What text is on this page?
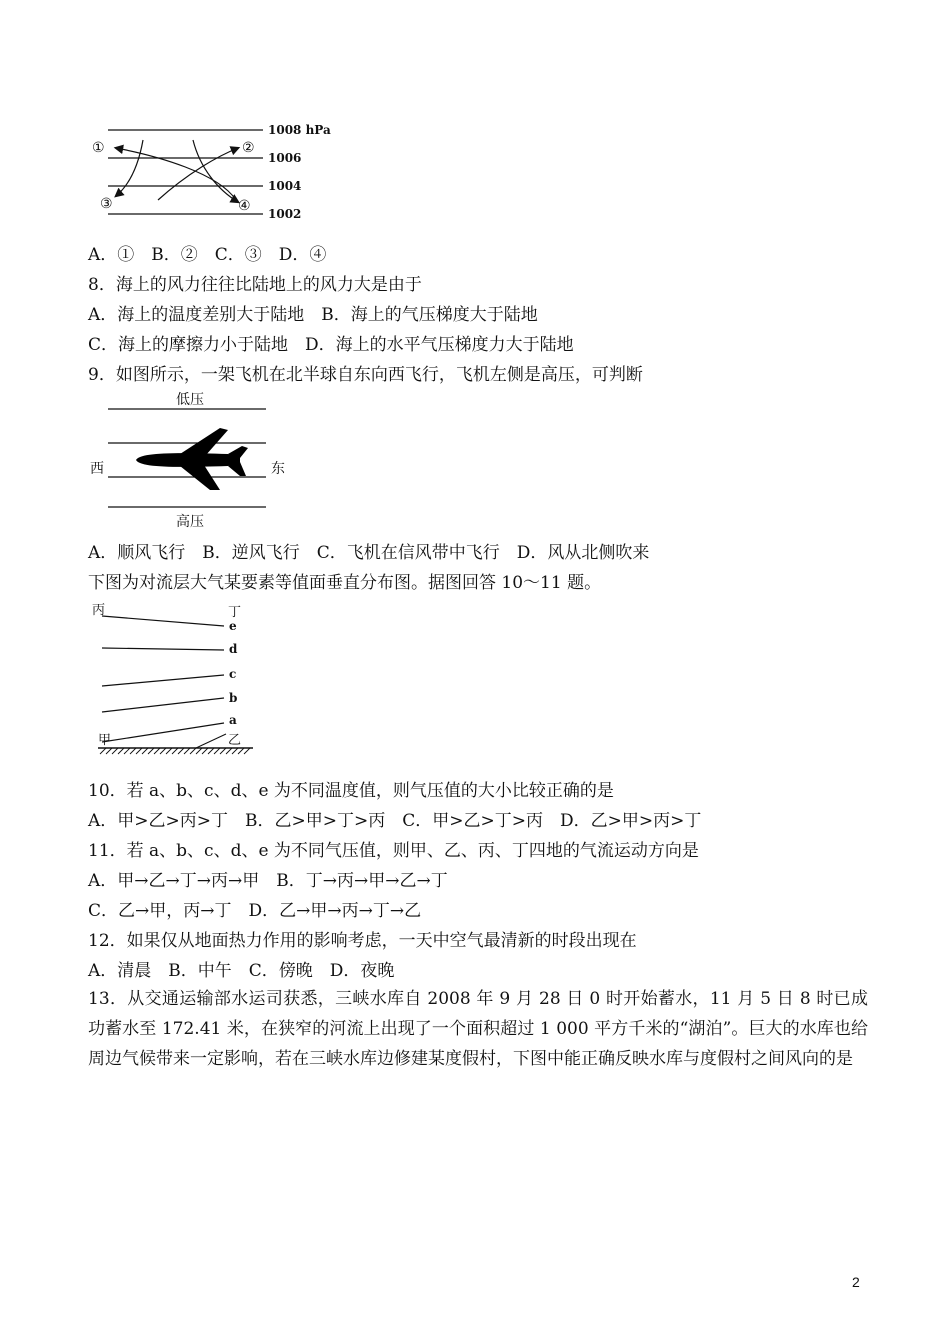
1008 hPa
1006
1004
1002
①	②
③	④
A．①　B．②　C．③　D．④
8．海上的风力往往比陆地上的风力大是由于
A．海上的温度差别大于陆地　B．海上的气压梯度大于陆地
C．海上的摩擦力小于陆地　D．海上的水平气压梯度力大于陆地
9．如图所示，一架飞机在北半球自东向西飞行，飞机左侧是高压，可判断
低压
高压
西	东
A．顺风飞行　B．逆风飞行　C．飞机在信风带中飞行　D．风从北侧吹来
下图为对流层大气某要素等值面垂直分布图。据图回答 10～11 题。
丙	丁
e
d
c
b
a
甲	乙
10．若 a、b、c、d、e 为不同温度值，则气压值的大小比较正确的是
A．甲>乙>丙>丁　B．乙>甲>丁>丙　C．甲>乙>丁>丙　D．乙>甲>丙>丁
11．若 a、b、c、d、e 为不同气压值，则甲、乙、丙、丁四地的气流运动方向是
A．甲→乙→丁→丙→甲　B．丁→丙→甲→乙→丁
C．乙→甲，丙→丁　D．乙→甲→丙→丁→乙
12．如果仅从地面热力作用的影响考虑，一天中空气最清新的时段出现在
A．清晨　B．中午　C．傍晚　D．夜晚
13．从交通运输部水运司获悉，三峡水库自 2008 年 9 月 28 日 0 时开始蓄水，11 月 5 日 8 时已成功蓄水至 172.41 米，在狭窄的河流上出现了一个面积超过 1 000 平方千米的“湖泊”。巨大的水库也给周边气候带来一定影响，若在三峡水库边修建某度假村，下图中能正确反映水库与度假村之间风向的是
2
